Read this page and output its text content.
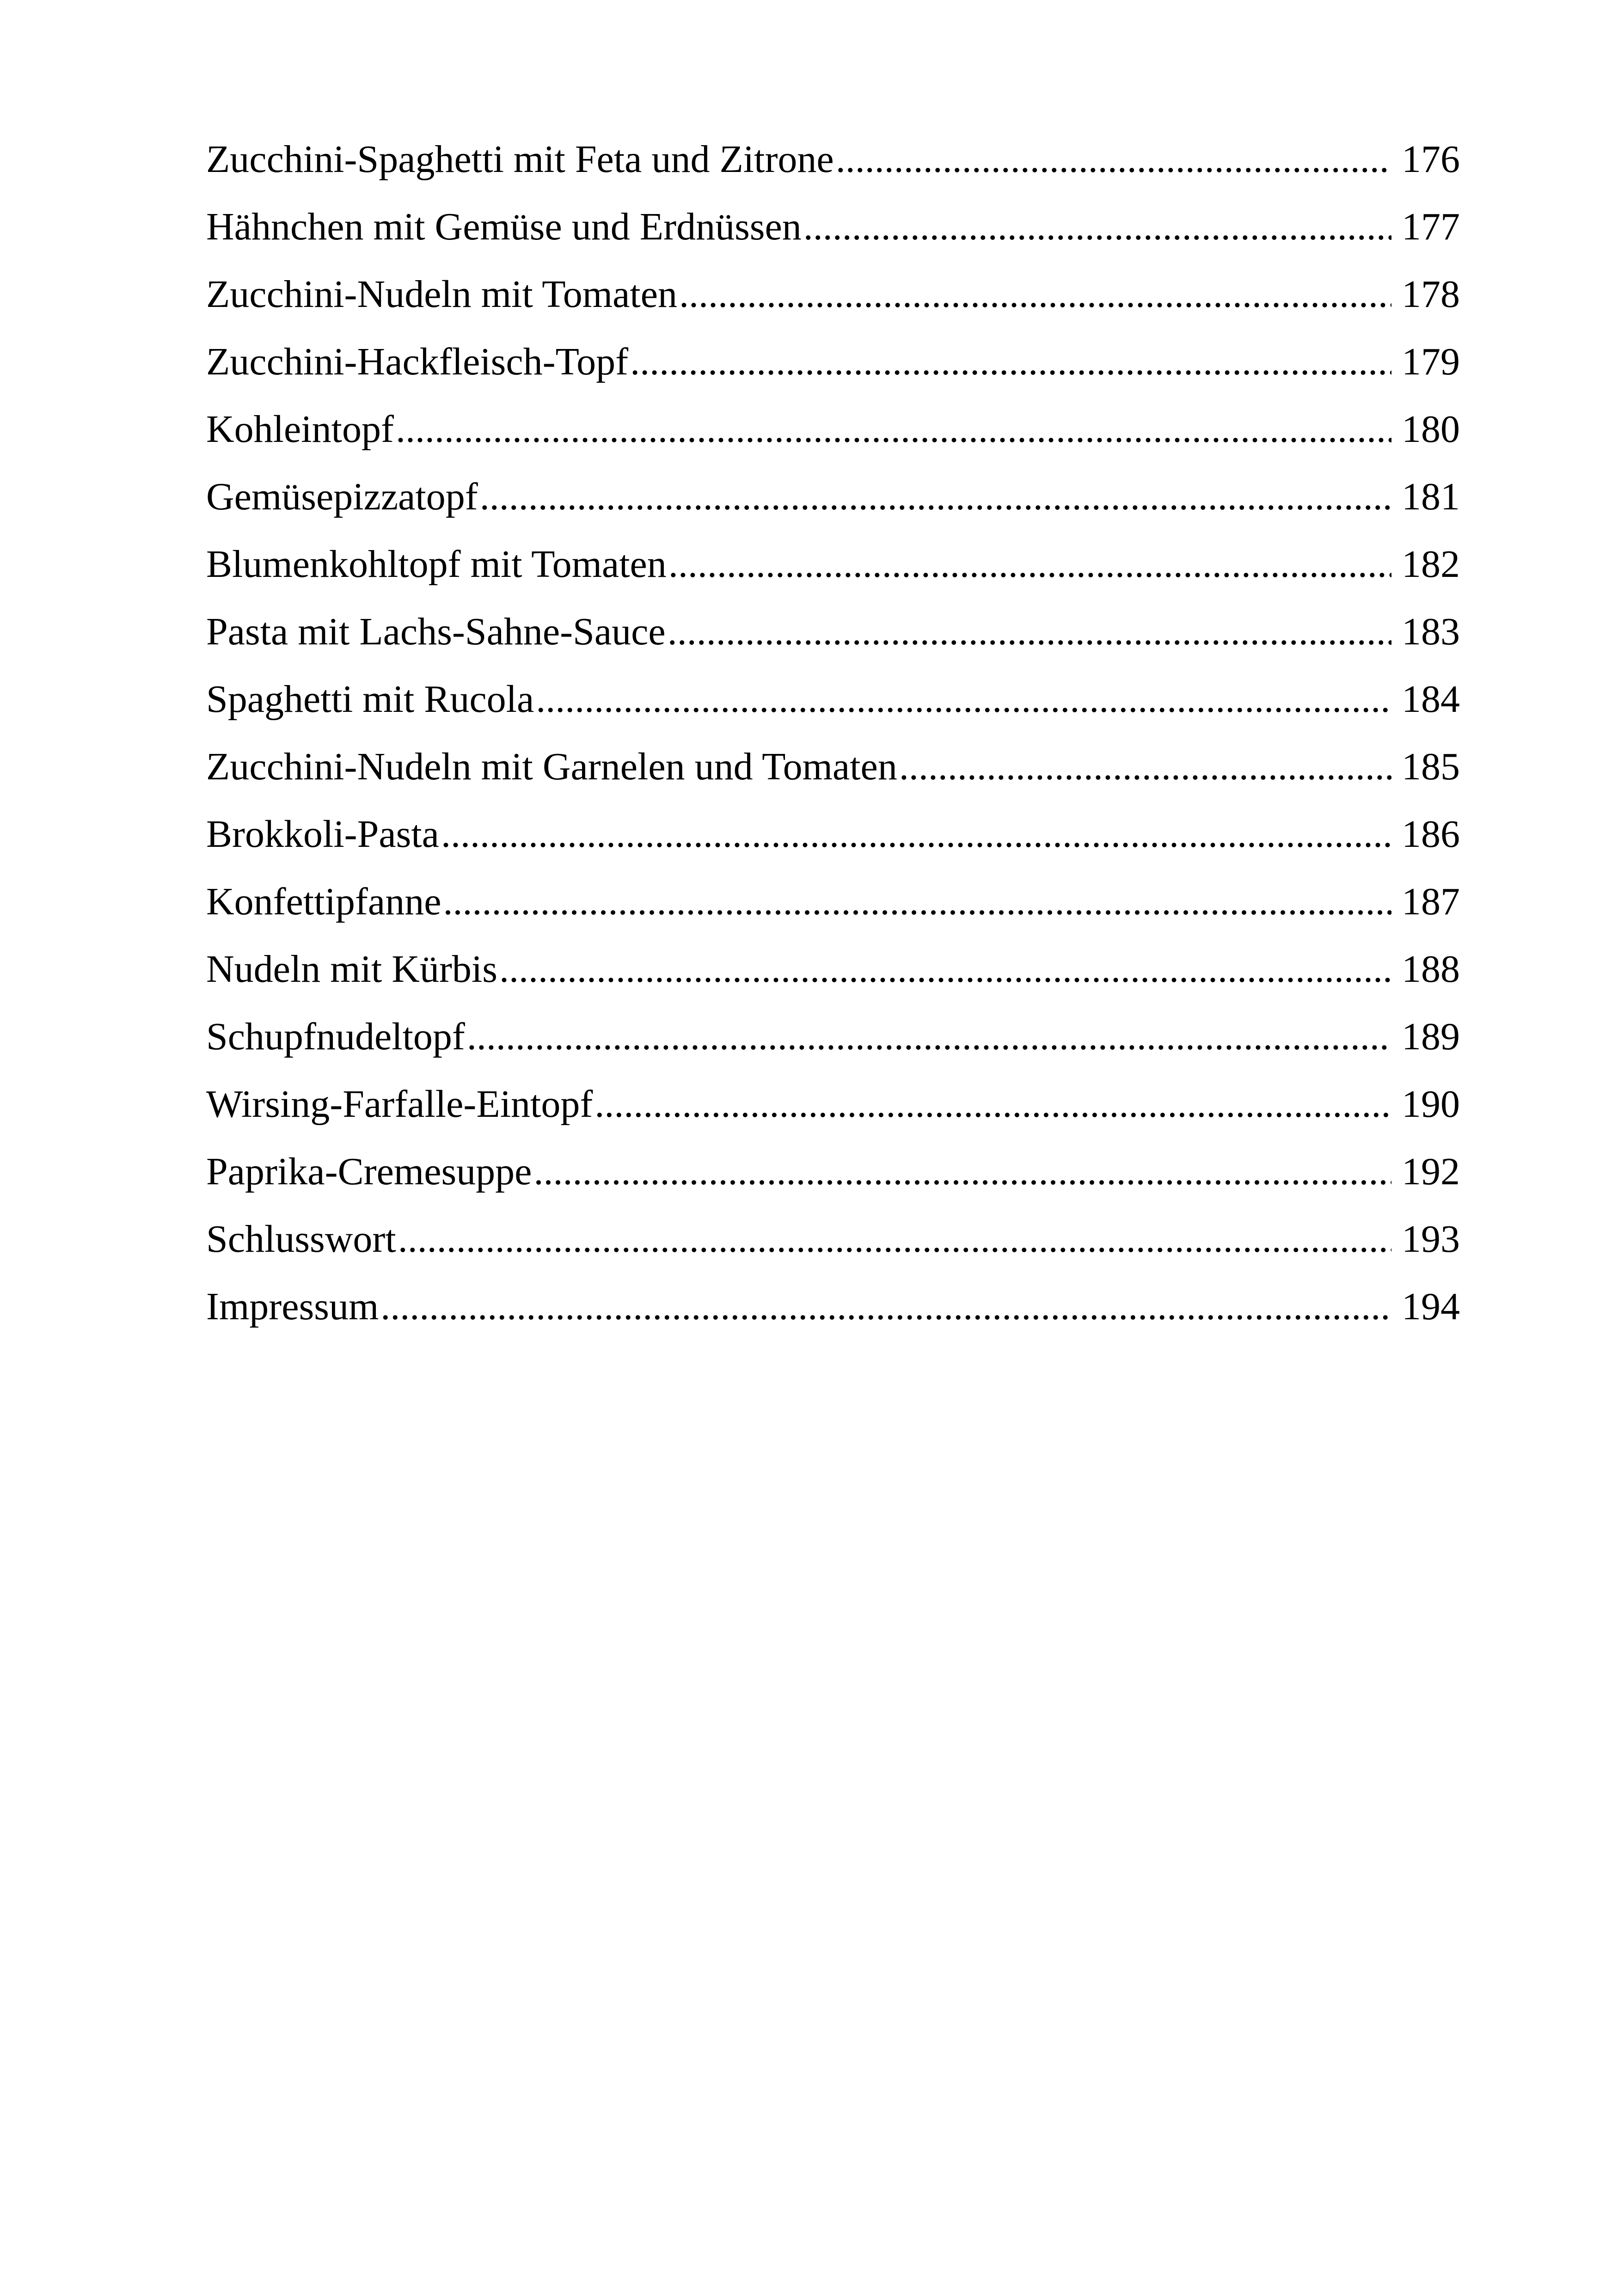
Zucchini-Spaghetti mit Feta und Zitrone .....	176
Hähnchen mit Gemüse und Erdnüssen .....	177
Zucchini-Nudeln mit Tomaten .....	178
Zucchini-Hackfleisch-Topf .....	179
Kohleintopf .....	180
Gemüsepizzatopf .....	181
Blumenkohltopf mit Tomaten .....	182
Pasta mit Lachs-Sahne-Sauce .....	183
Spaghetti mit Rucola .....	184
Zucchini-Nudeln mit Garnelen und Tomaten .....	185
Brokkoli-Pasta .....	186
Konfettipfanne .....	187
Nudeln mit Kürbis .....	188
Schupfnudeltopf .....	189
Wirsing-Farfalle-Eintopf .....	190
Paprika-Cremesuppe .....	192
Schlusswort .....	193
Impressum .....	194
